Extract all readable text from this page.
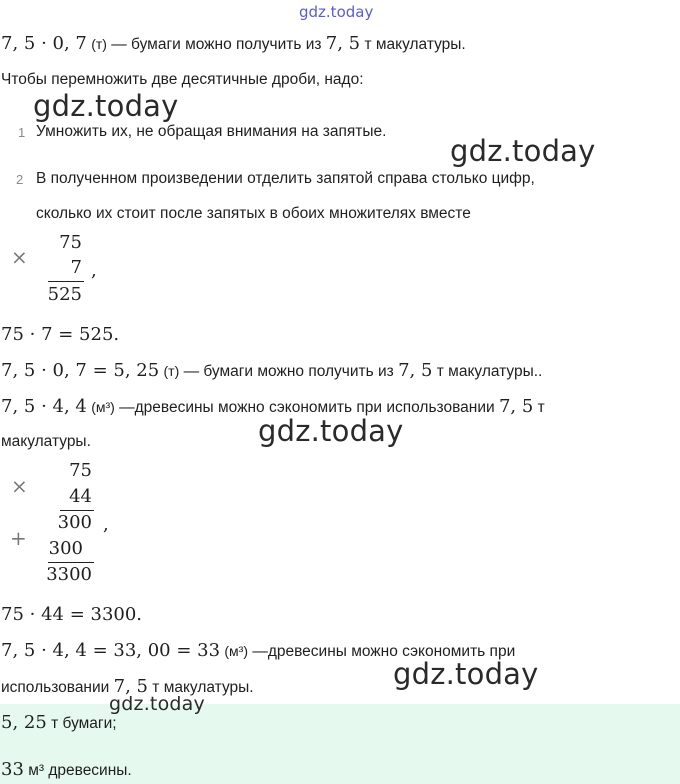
gdz.today
7, 5 · 0, 7 (т) — бумаги можно получить из 7, 5 т макулатуры.
Чтобы перемножить две десятичные дроби, надо:
gdz.today
1 Умножить их, не обращая внимания на запятые.
gdz.today
2 В полученном произведении отделить запятой справа столько цифр,
сколько их стоит после запятых в обоих множителях вместе
×
75
7
525
,
75 · 7 = 525.
7, 5 · 0, 7 = 5, 25 (т) — бумаги можно получить из 7, 5 т макулатуры..
7, 5 · 4, 4 (м³) —древесины можно сэкономить при использовании 7, 5 т
макулатуры.	gdz.today
×
75
44
300 ,
+	300
3300
75 · 44 = 3300.
7, 5 · 4, 4 = 33, 00 = 33 (м³) —древесины можно сэкономить при
использовании 7, 5 т макулатуры.	gdz.today
gdz.today
5, 25 т бумаги;
33 м³ древесины.
